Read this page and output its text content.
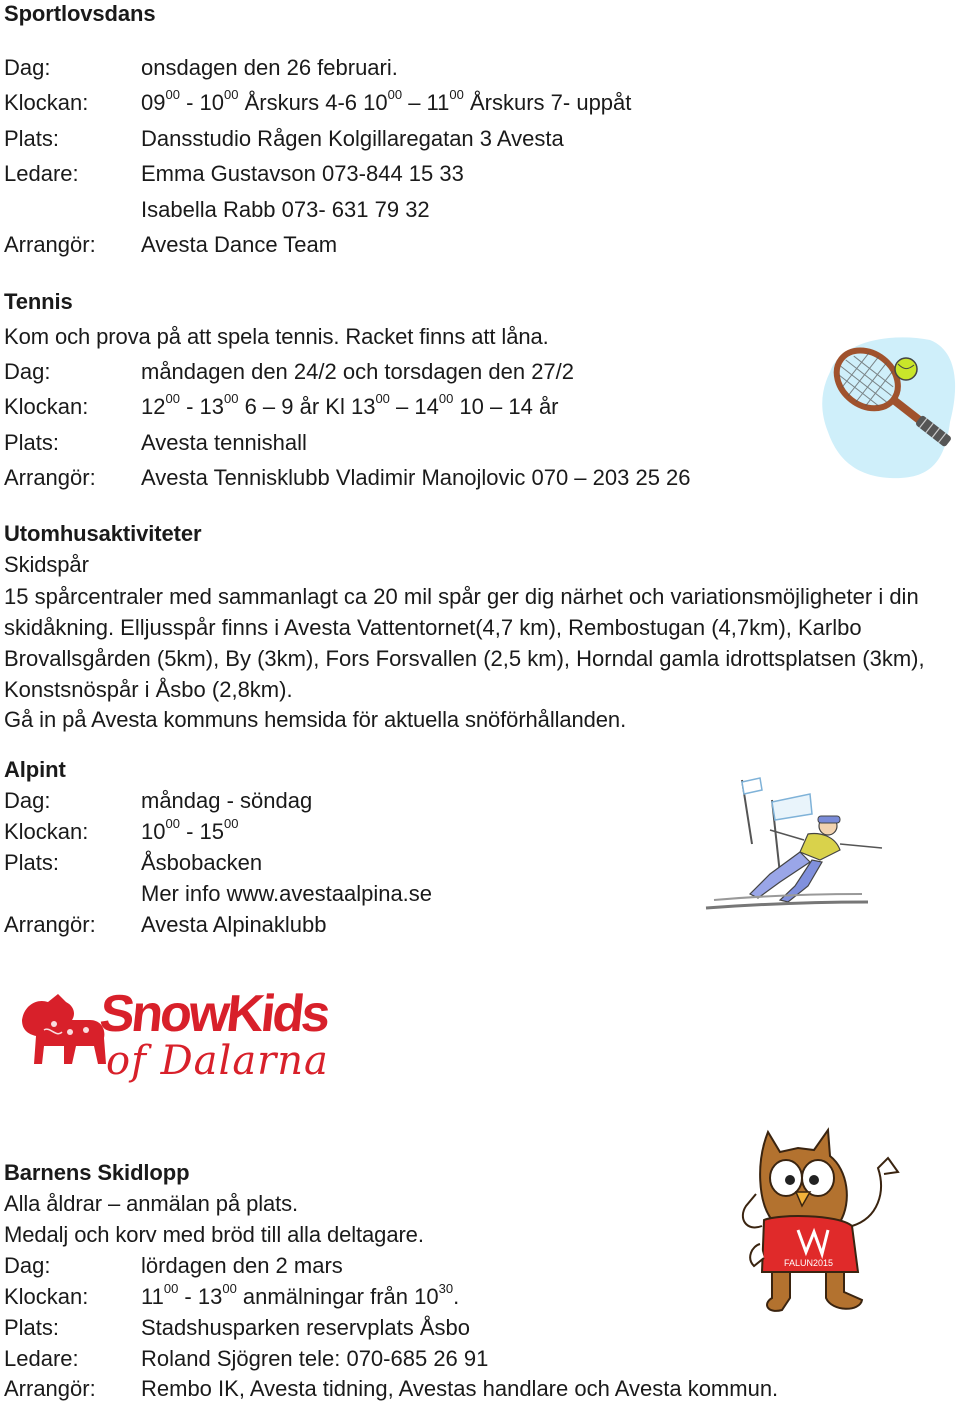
Sportlovsdans
Dag:	onsdagen den 26 februari.
Klockan: $09^{00} - 10^{00}$ Årskurs 4-6 $10^{00} - 11^{00}$ Årskurs 7- uppåt
Plats:	Dansstudio Rågen Kolgillaregatan 3 Avesta
Ledare:	Emma Gustavson 073-844 15 33
Isabella Rabb 073- 631 79 32
Arrangör: Avesta Dance Team
Tennis
Kom och prova på att spela tennis. Racket finns att låna.
Dag:	måndagen den 24/2 och torsdagen den 27/2
Klockan: $12^{00} - 13^{00}$ 6 – 9 år Kl $13^{00} - 14^{00}$ 10 – 14 år
Plats:	Avesta tennishall
Arrangör: Avesta Tennisklubb Vladimir Manojlovic 070 – 203 25 26
Utomhusaktiviteter
Skidspår
15 spårcentraler med sammanlagt ca 20 mil spår ger dig närhet och variationsmöjligheter i din skidåkning. Elljusspår finns i Avesta Vattentornet(4,7 km), Rembostugan (4,7km), Karlbo Brovallsgården (5km), By (3km), Fors Forsvallen (2,5 km), Horndal gamla idrottsplatsen (3km), Konstsnöspår i Åsbo (2,8km).
Gå in på Avesta kommuns hemsida för aktuella snöförhållanden.
Alpint
Dag:	måndag - söndag
Klockan: $10^{00} - 15^{00}$
Plats:	Åsbobacken
Mer info www.avestaalpina.se
Arrangör: Avesta Alpinaklubb
SnowKids
of Dalarna
FALUN2015
Barnens Skidlopp
Alla åldrar – anmälan på plats.
Medalj och korv med bröd till alla deltagare.
Dag:	lördagen den 2 mars
Klockan: $11^{00} - 13^{00}$ anmälningar från $10^{30}$.
Plats:	Stadshusparken reservplats Åsbo
Ledare:	Roland Sjögren tele: 070-685 26 91
Arrangör: Rembo IK, Avesta tidning, Avestas handlare och Avesta kommun.
